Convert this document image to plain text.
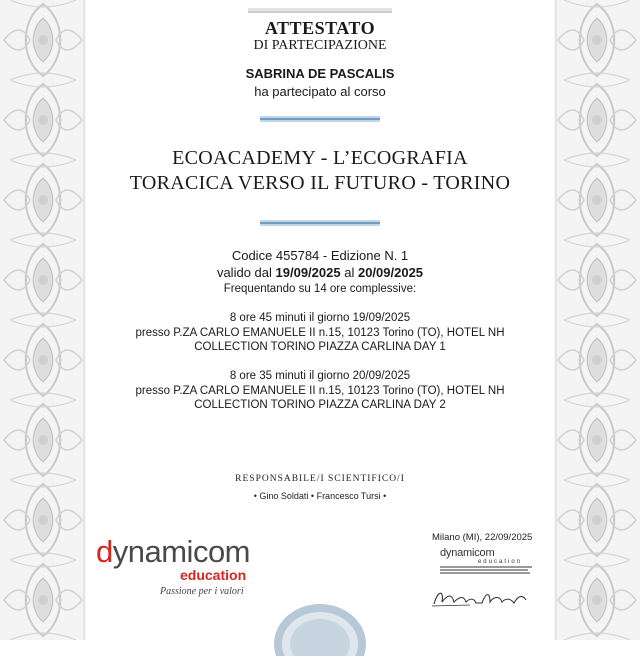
ATTESTATO
DI PARTECIPAZIONE
SABRINA DE PASCALIS
ha partecipato al corso
ECOACADEMY - L’ECOGRAFIA
TORACICA VERSO IL FUTURO - TORINO
Codice 455784 - Edizione N. 1
valido dal 19/09/2025 al 20/09/2025
Frequentando su 14 ore complessive:
8 ore 45 minuti il giorno 19/09/2025
presso P.ZA CARLO EMANUELE II n.15, 10123 Torino (TO), HOTEL NH
COLLECTION TORINO PIAZZA CARLINA DAY 1
8 ore 35 minuti il giorno 20/09/2025
presso P.ZA CARLO EMANUELE II n.15, 10123 Torino (TO), HOTEL NH
COLLECTION TORINO PIAZZA CARLINA DAY 2
RESPONSABILE/I SCIENTIFICO/I
• Gino Soldati • Francesco Tursi •
dynamicom
education
Passione per i valori
Milano (MI), 22/09/2025
dynamicom
education
